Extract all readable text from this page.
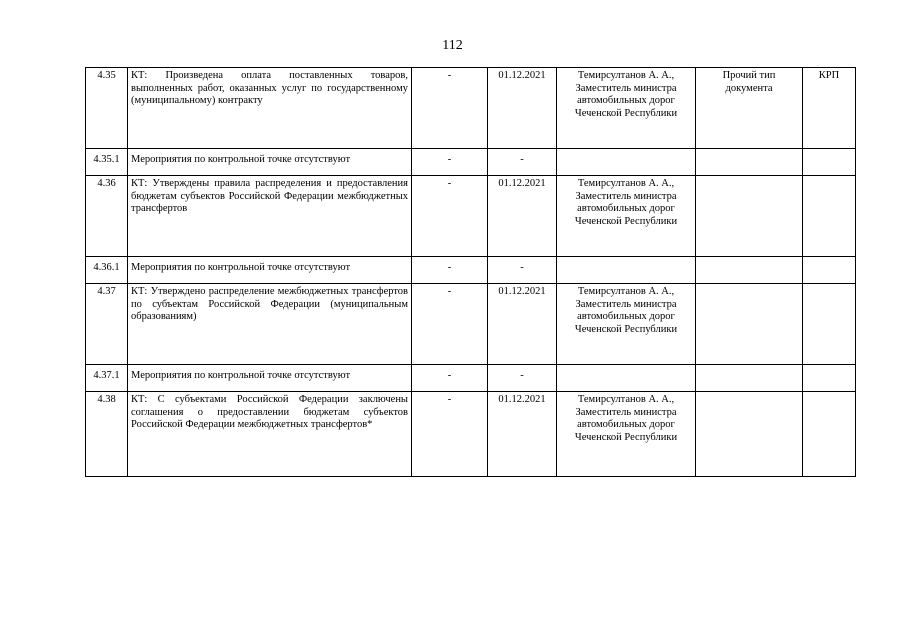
112
4.35	КТ: Произведена оплата поставленных товаров, выполненных работ, оказанных услуг по государственному (муниципальному) контракту	-	01.12.2021	Темирсултанов А. А.,
Заместитель министра
автомобильных дорог
Чеченской Республики	Прочий тип документа	КРП
4.35.1	Мероприятия по контрольной точке отсутствуют	-	-			
4.36	КТ: Утверждены правила распределения и предоставления бюджетам субъектов Российской Федерации межбюджетных трансфертов	-	01.12.2021	Темирсултанов А. А.,
Заместитель министра
автомобильных дорог
Чеченской Республики		

4.36.1	Мероприятия по контрольной точке отсутствуют	-	-			
4.37	КТ: Утверждено распределение межбюджетных трансфертов по субъектам Российской Федерации (муниципальным образованиям)	-	01.12.2021	Темирсултанов А. А.,
Заместитель министра
автомобильных дорог
Чеченской Республики		

4.37.1	Мероприятия по контрольной точке отсутствуют	-	-			
4.38	КТ: С субъектами Российской Федерации заключены соглашения о предоставлении бюджетам субъектов Российской Федерации межбюджетных трансфертов*	-	01.12.2021	Темирсултанов А. А.,
Заместитель министра
автомобильных дорог
Чеченской Республики		
